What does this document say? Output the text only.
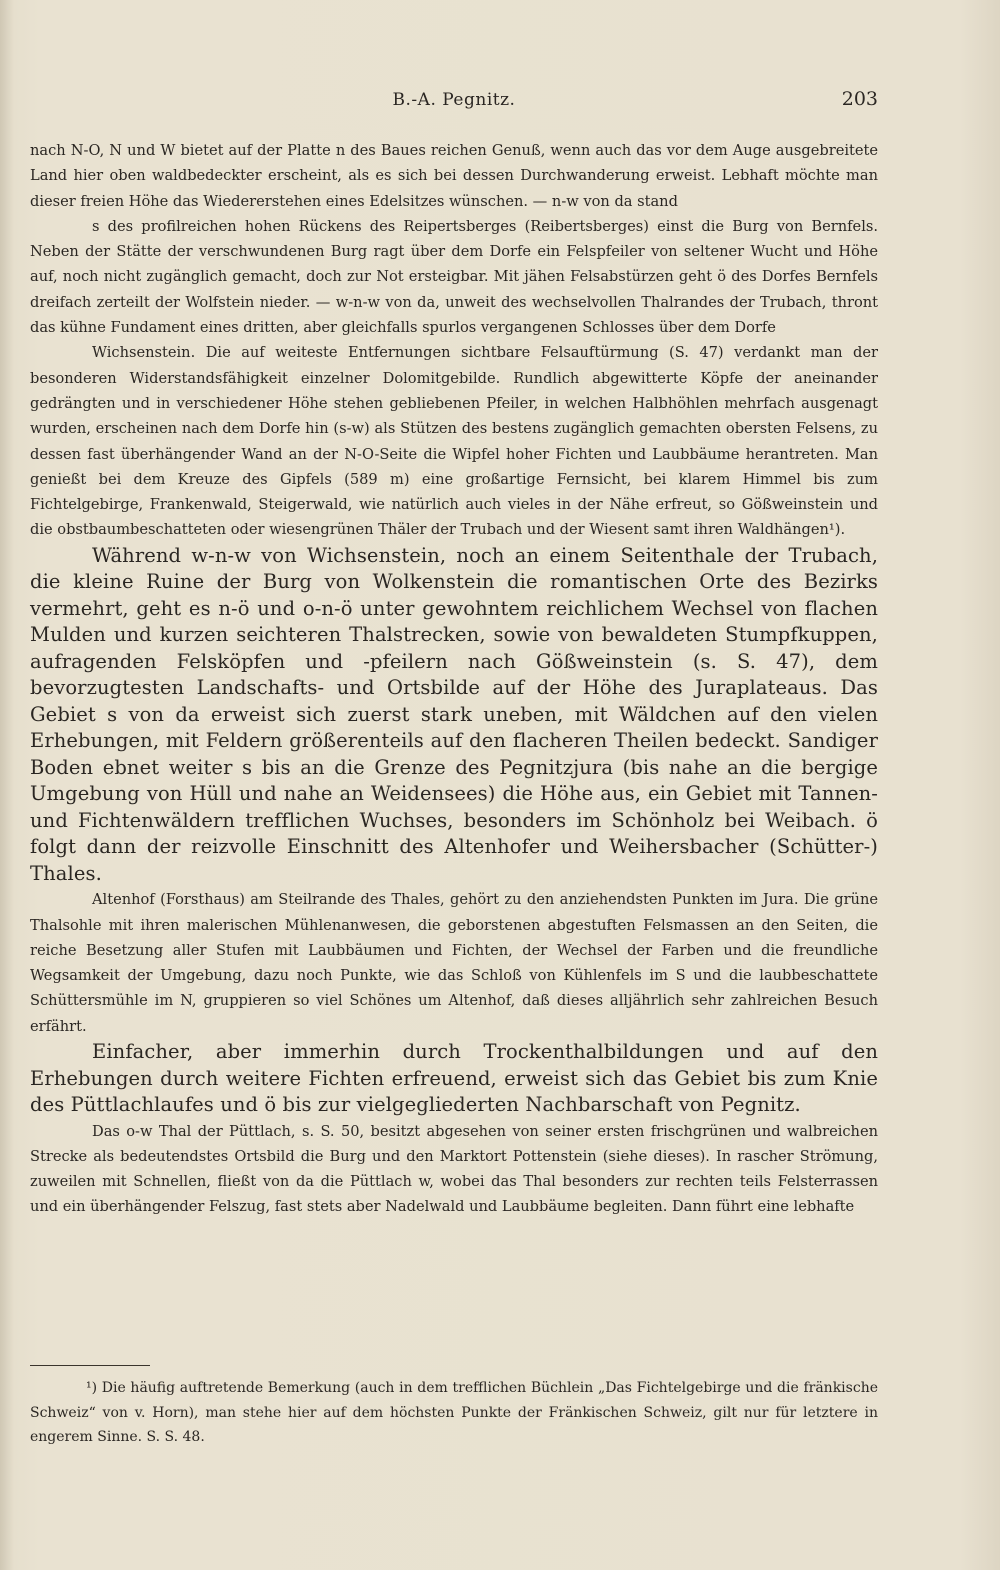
B.-A. Pegnitz.	203

nach N-O, N und W bietet auf der Platte n des Baues reichen Genuß, wenn auch das vor dem Auge ausgebreitete Land hier oben waldbedeckter erscheint, als es sich bei dessen Durchwanderung erweist. Lebhaft möchte man dieser freien Höhe das Wiedererstehen eines Edelsitzes wünschen. — n-w von da stand

s des profilreichen hohen Rückens des Reipertsberges (Reibertsberges) einst die Burg von Bernfels. Neben der Stätte der verschwundenen Burg ragt über dem Dorfe ein Felspfeiler von seltener Wucht und Höhe auf, noch nicht zugänglich gemacht, doch zur Not ersteigbar. Mit jähen Felsabstürzen geht ö des Dorfes Bernfels dreifach zerteilt der Wolfstein nieder. — w-n-w von da, unweit des wechselvollen Thalrandes der Trubach, thront das kühne Fundament eines dritten, aber gleichfalls spurlos vergangenen Schlosses über dem Dorfe

Wichsenstein. Die auf weiteste Entfernungen sichtbare Felsauftürmung (S. 47) verdankt man der besonderen Widerstandsfähigkeit einzelner Dolomitgebilde. Rundlich abgewitterte Köpfe der aneinander gedrängten und in verschiedener Höhe stehen gebliebenen Pfeiler, in welchen Halbhöhlen mehrfach ausgenagt wurden, erscheinen nach dem Dorfe hin (s-w) als Stützen des bestens zugänglich gemachten obersten Felsens, zu dessen fast überhängender Wand an der N-O-Seite die Wipfel hoher Fichten und Laubbäume herantreten. Man genießt bei dem Kreuze des Gipfels (589 m) eine großartige Fernsicht, bei klarem Himmel bis zum Fichtelgebirge, Frankenwald, Steigerwald, wie natürlich auch vieles in der Nähe erfreut, so Gößweinstein und die obstbaumbeschatteten oder wiesengrünen Thäler der Trubach und der Wiesent samt ihren Waldhängen¹).

Während w-n-w von Wichsenstein, noch an einem Seitenthale der Trubach, die kleine Ruine der Burg von Wolkenstein die romantischen Orte des Bezirks vermehrt, geht es n-ö und o-n-ö unter gewohntem reichlichem Wechsel von flachen Mulden und kurzen seichteren Thalstrecken, sowie von bewaldeten Stumpfkuppen, aufragenden Felsköpfen und -pfeilern nach Gößweinstein (s. S. 47), dem bevorzugtesten Landschafts- und Ortsbilde auf der Höhe des Juraplateaus. Das Gebiet s von da erweist sich zuerst stark uneben, mit Wäldchen auf den vielen Erhebungen, mit Feldern größerenteils auf den flacheren Theilen bedeckt. Sandiger Boden ebnet weiter s bis an die Grenze des Pegnitzjura (bis nahe an die bergige Umgebung von Hüll und nahe an Weidensees) die Höhe aus, ein Gebiet mit Tannen- und Fichtenwäldern trefflichen Wuchses, besonders im Schönholz bei Weibach. ö folgt dann der reizvolle Einschnitt des Altenhofer und Weihersbacher (Schütter-) Thales.

Altenhof (Forsthaus) am Steilrande des Thales, gehört zu den anziehendsten Punkten im Jura. Die grüne Thalsohle mit ihren malerischen Mühlenanwesen, die geborstenen abgestuften Felsmassen an den Seiten, die reiche Besetzung aller Stufen mit Laubbäumen und Fichten, der Wechsel der Farben und die freundliche Wegsamkeit der Umgebung, dazu noch Punkte, wie das Schloß von Kühlenfels im S und die laubbeschattete Schüttersmühle im N, gruppieren so viel Schönes um Altenhof, daß dieses alljährlich sehr zahlreichen Besuch erfährt.

Einfacher, aber immerhin durch Trockenthalbildungen und auf den Erhebungen durch weitere Fichten erfreuend, erweist sich das Gebiet bis zum Knie des Püttlachlaufes und ö bis zur vielgegliederten Nachbarschaft von Pegnitz.

Das o-w Thal der Püttlach, s. S. 50, besitzt abgesehen von seiner ersten frischgrünen und walbreichen Strecke als bedeutendstes Ortsbild die Burg und den Marktort Pottenstein (siehe dieses). In rascher Strömung, zuweilen mit Schnellen, fließt von da die Püttlach w, wobei das Thal besonders zur rechten teils Felsterrassen und ein überhängender Felszug, fast stets aber Nadelwald und Laubbäume begleiten. Dann führt eine lebhafte

¹) Die häufig auftretende Bemerkung (auch in dem trefflichen Büchlein „Das Fichtelgebirge und die fränkische Schweiz“ von v. Horn), man stehe hier auf dem höchsten Punkte der Fränkischen Schweiz, gilt nur für letztere in engerem Sinne. S. S. 48.
